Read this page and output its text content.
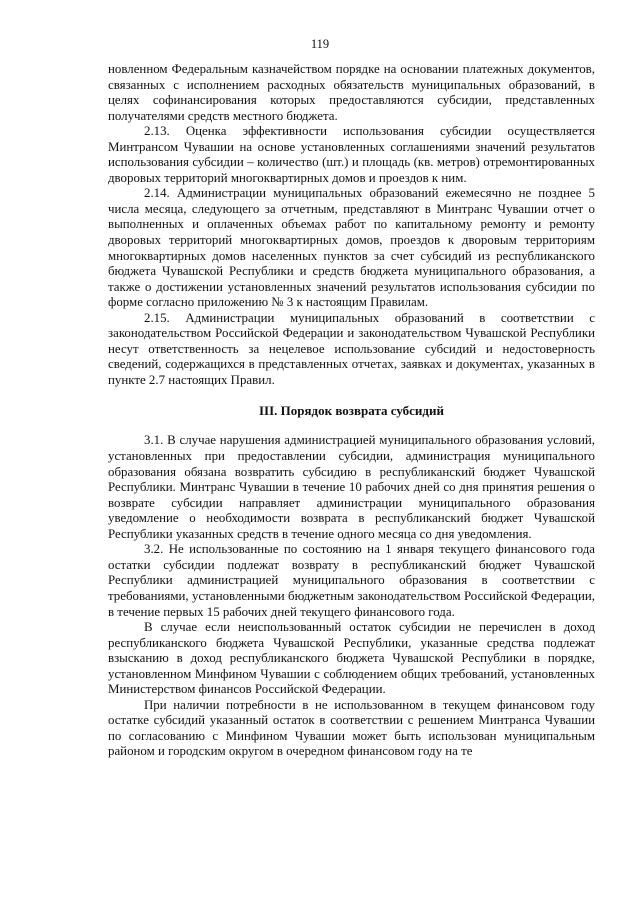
119

новленном Федеральным казначейством порядке на основании платежных документов, связанных с исполнением расходных обязательств муниципальных образований, в целях софинансирования которых предоставляются субсидии, представленных получателями средств местного бюджета.

2.13. Оценка эффективности использования субсидии осуществляется Минтрансом Чувашии на основе установленных соглашениями значений результатов использования субсидии – количество (шт.) и площадь (кв. метров) отремонтированных дворовых территорий многоквартирных домов и проездов к ним.

2.14. Администрации муниципальных образований ежемесячно не позднее 5 числа месяца, следующего за отчетным, представляют в Минтранс Чувашии отчет о выполненных и оплаченных объемах работ по капитальному ремонту и ремонту дворовых территорий многоквартирных домов, проездов к дворовым территориям многоквартирных домов населенных пунктов за счет субсидий из республиканского бюджета Чувашской Республики и средств бюджета муниципального образования, а также о достижении установленных значений результатов использования субсидии по форме согласно приложению № 3 к настоящим Правилам.

2.15. Администрации муниципальных образований в соответствии с законодательством Российской Федерации и законодательством Чувашской Республики несут ответственность за нецелевое использование субсидий и недостоверность сведений, содержащихся в представленных отчетах, заявках и документах, указанных в пункте 2.7 настоящих Правил.

III. Порядок возврата субсидий

3.1. В случае нарушения администрацией муниципального образования условий, установленных при предоставлении субсидии, администрация муниципального образования обязана возвратить субсидию в республиканский бюджет Чувашской Республики. Минтранс Чувашии в течение 10 рабочих дней со дня принятия решения о возврате субсидии направляет администрации муниципального образования уведомление о необходимости возврата в республиканский бюджет Чувашской Республики указанных средств в течение одного месяца со дня уведомления.

3.2. Не использованные по состоянию на 1 января текущего финансового года остатки субсидии подлежат возврату в республиканский бюджет Чувашской Республики администрацией муниципального образования в соответствии с требованиями, установленными бюджетным законодательством Российской Федерации, в течение первых 15 рабочих дней текущего финансового года.

В случае если неиспользованный остаток субсидии не перечислен в доход республиканского бюджета Чувашской Республики, указанные средства подлежат взысканию в доход республиканского бюджета Чувашской Республики в порядке, установленном Минфином Чувашии с соблюдением общих требований, установленных Министерством финансов Российской Федерации.

При наличии потребности в не использованном в текущем финансовом году остатке субсидий указанный остаток в соответствии с решением Минтранса Чувашии по согласованию с Минфином Чувашии может быть использован муниципальным районом и городским округом в очередном финансовом году на те
